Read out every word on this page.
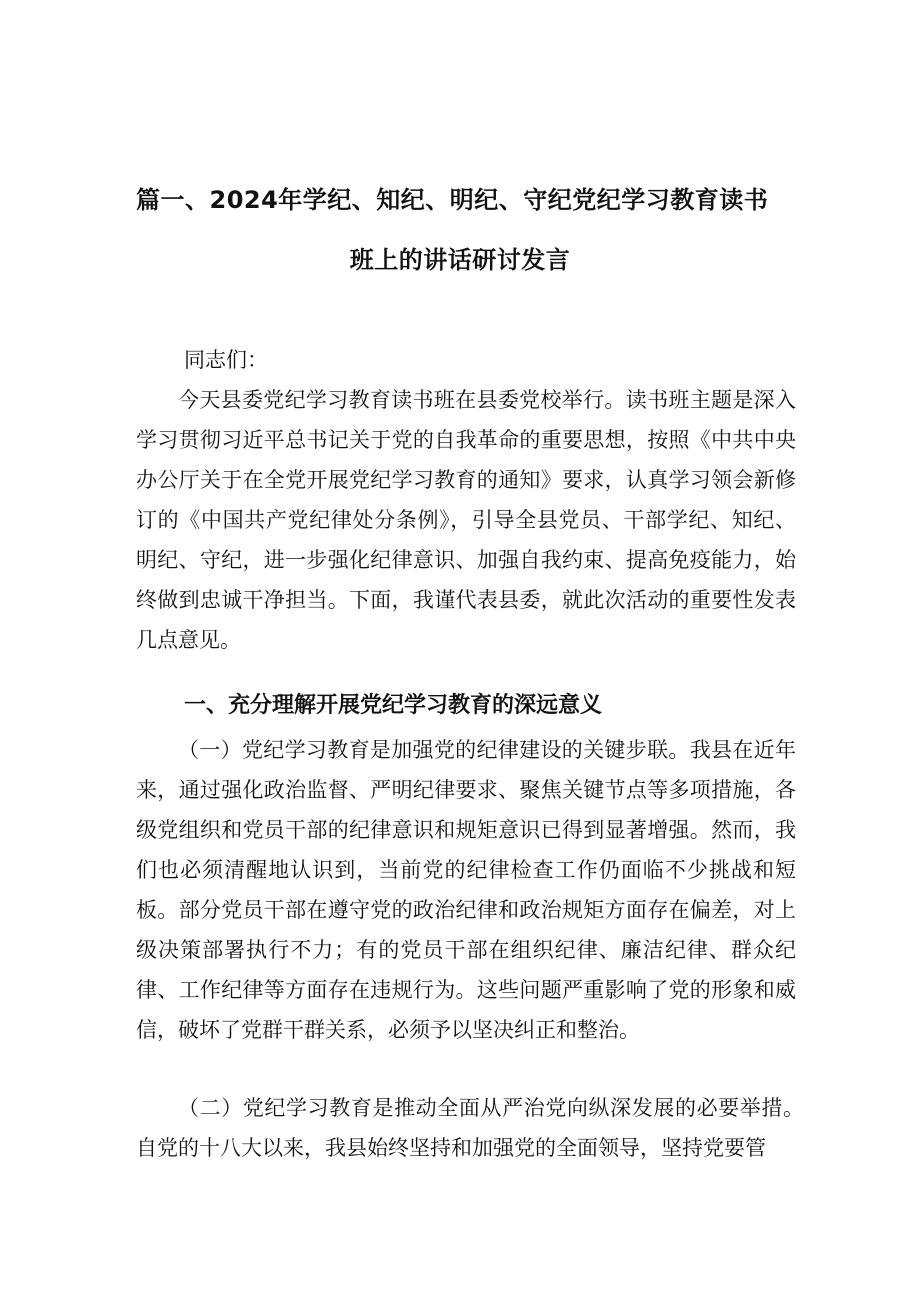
篇一、2024年学纪、知纪、明纪、守纪党纪学习教育读书
班上的讲话研讨发言
同志们：
今天县委党纪学习教育读书班在县委党校举行。读书班主题是深入学习贯彻习近平总书记关于党的自我革命的重要思想，按照《中共中央办公厅关于在全党开展党纪学习教育的通知》要求，认真学习领会新修订的《中国共产党纪律处分条例》，引导全县党员、干部学纪、知纪、明纪、守纪，进一步强化纪律意识、加强自我约束、提高免疫能力，始终做到忠诚干净担当。下面，我谨代表县委，就此次活动的重要性发表几点意见。
一、充分理解开展党纪学习教育的深远意义
（一）党纪学习教育是加强党的纪律建设的关键步联。我县在近年来，通过强化政治监督、严明纪律要求、聚焦关键节点等多项措施，各级党组织和党员干部的纪律意识和规矩意识已得到显著增强。然而，我们也必须清醒地认识到，当前党的纪律检查工作仍面临不少挑战和短板。部分党员干部在遵守党的政治纪律和政治规矩方面存在偏差，对上级决策部署执行不力；有的党员干部在组织纪律、廉洁纪律、群众纪律、工作纪律等方面存在违规行为。这些问题严重影响了党的形象和威信，破坏了党群干群关系，必须予以坚决纠正和整治。
（二）党纪学习教育是推动全面从严治党向纵深发展的必要举措。自党的十八大以来，我县始终坚持和加强党的全面领导，坚持党要管
